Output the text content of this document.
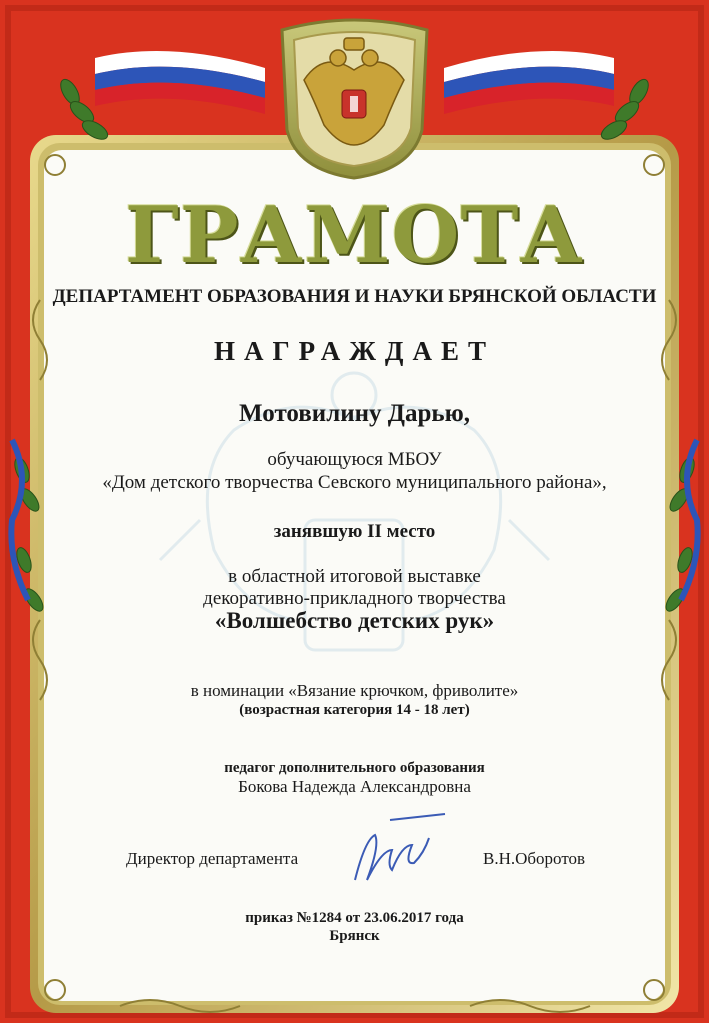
ГРАМОТА
ДЕПАРТАМЕНТ ОБРАЗОВАНИЯ И НАУКИ БРЯНСКОЙ ОБЛАСТИ
НАГРАЖДАЕТ
Мотовилину Дарью,
обучающуюся МБОУ
«Дом детского творчества Севского муниципального района»,
занявшую II место
в областной итоговой выставке
декоративно-прикладного творчества
«Волшебство детских рук»
в номинации «Вязание крючком, фриволите»
(возрастная категория 14 - 18 лет)
педагог дополнительного образования
Бокова Надежда Александровна
Директор департамента	В.Н.Оборотов
приказ №1284 от 23.06.2017 года
Брянск
